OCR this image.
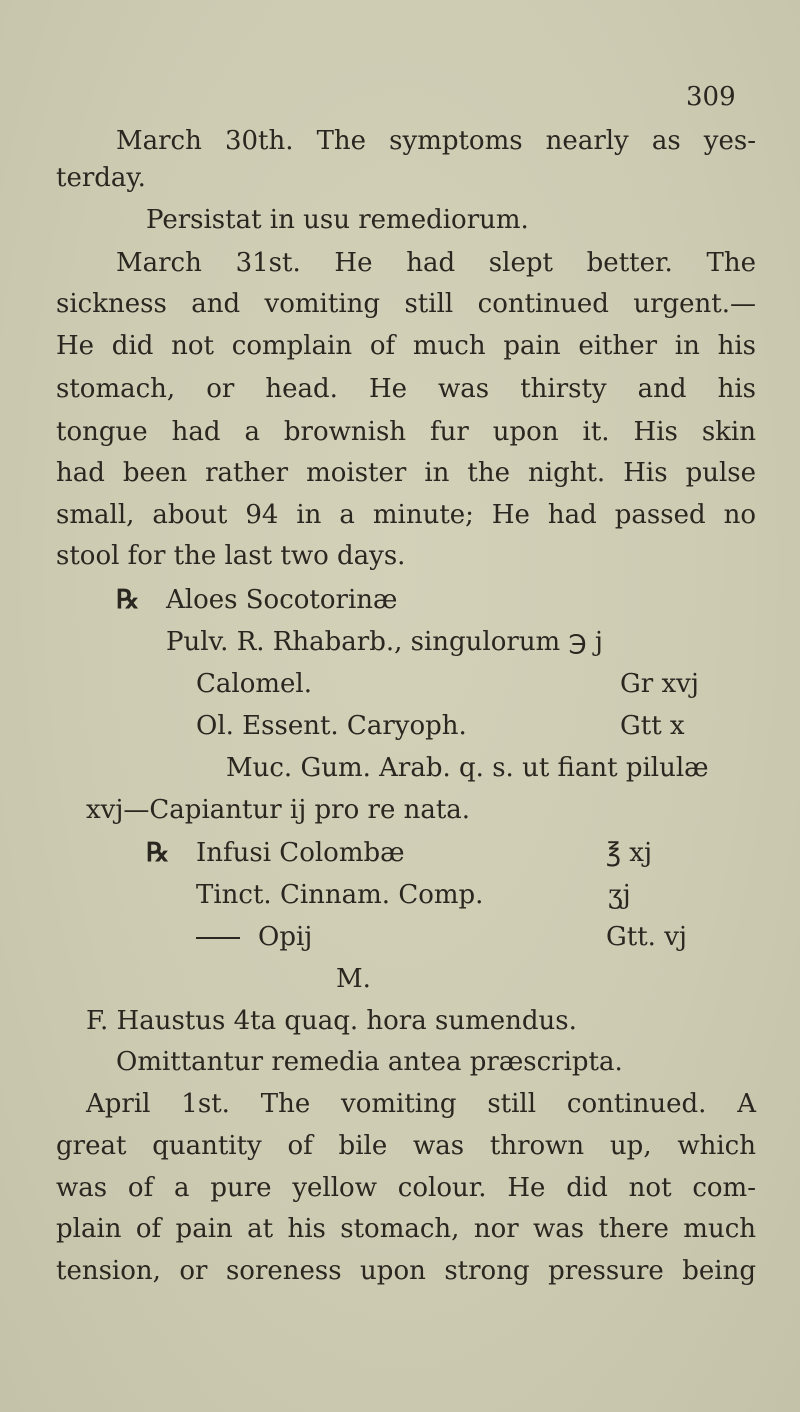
309
March 30th. The symptoms nearly as yes-
terday.
Persistat in usu remediorum.
March 31st. He had slept better. The
sickness and vomiting still continued urgent.—
He did not complain of much pain either in his
stomach, or head. He was thirsty and his
tongue had a brownish fur upon it. His skin
had been rather moister in the night. His pulse
small, about 94 in a minute; He had passed no
stool for the last two days.
℞ Aloes Socotorinæ
Pulv. R. Rhabarb., singulorum ℈ j
Calomel.	Gr xvj
Ol. Essent. Caryoph.	Gtt x
Muc. Gum. Arab. q. s. ut fiant pilulæ
xvj—Capiantur ij pro re nata.
℞ Infusi Colombæ	℥ xj
Tinct. Cinnam. Comp.	ʒj
Opij	Gtt. vj
M.
F. Haustus 4ta quaq. hora sumendus.
Omittantur remedia antea præscripta.
April 1st. The vomiting still continued. A
great quantity of bile was thrown up, which
was of a pure yellow colour. He did not com-
plain of pain at his stomach, nor was there much
tension, or soreness upon strong pressure being
